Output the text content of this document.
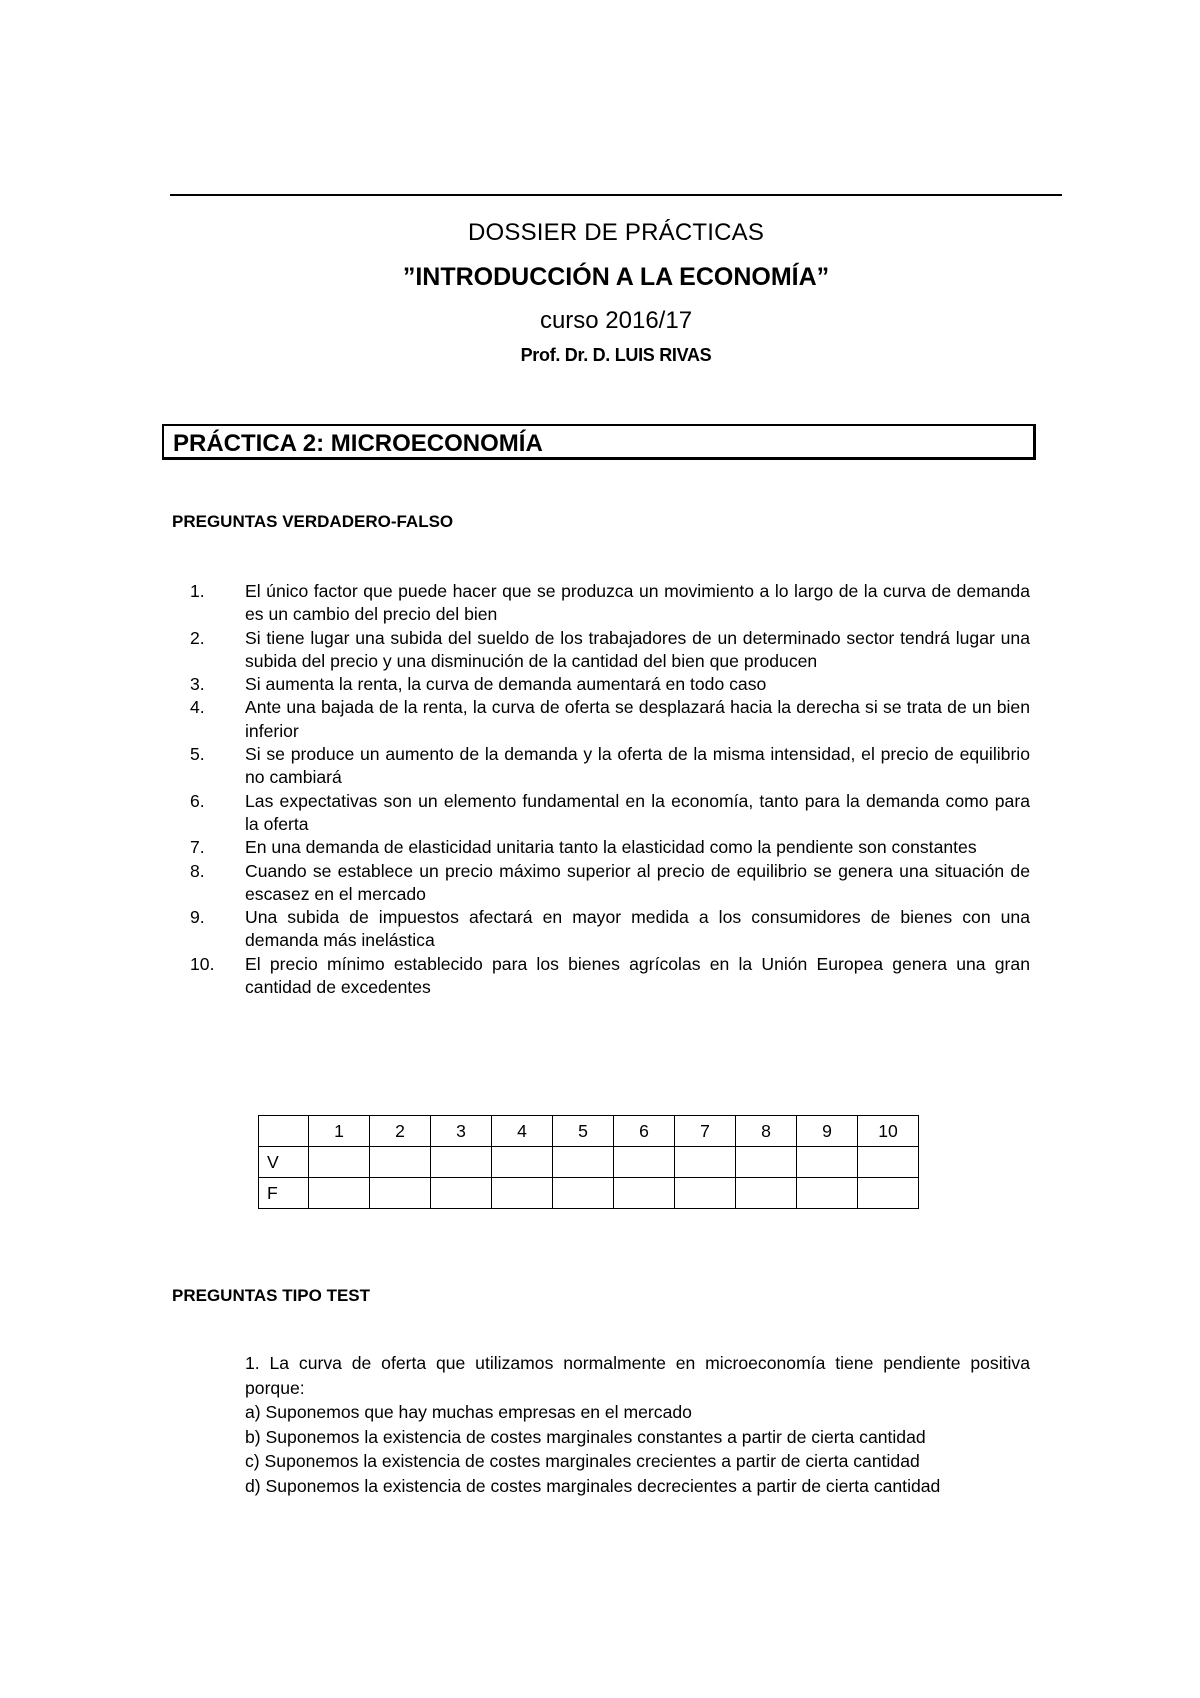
DOSSIER DE PRÁCTICAS
”INTRODUCCIÓN A LA ECONOMÍA”
curso 2016/17
Prof. Dr. D. LUIS RIVAS
PRÁCTICA 2: MICROECONOMÍA
PREGUNTAS VERDADERO-FALSO
1.	El único factor que puede hacer que se produzca un movimiento a lo largo de la curva de demanda es un cambio del precio del bien
2.	Si tiene lugar una subida del sueldo de los trabajadores de un determinado sector tendrá lugar una subida del precio y una disminución de la cantidad del bien que producen
3.	Si aumenta la renta, la curva de demanda aumentará en todo caso
4.	Ante una bajada de la renta, la curva de oferta se desplazará hacia la derecha si se trata de un bien inferior
5.	Si se produce un aumento de la demanda y la oferta de la misma intensidad, el precio de equilibrio no cambiará
6.	Las expectativas son un elemento fundamental en la economía, tanto para la demanda como para la oferta
7.	En una demanda de elasticidad unitaria tanto la elasticidad como la pendiente son constantes
8.	Cuando se establece un precio máximo superior al precio de equilibrio se genera una situación de escasez en el mercado
9.	Una subida de impuestos afectará en mayor medida a los consumidores de bienes con una demanda más inelástica
10.	El precio mínimo establecido para los bienes agrícolas en la Unión Europea genera una gran cantidad de excedentes
	1	2	3	4	5	6	7	8	9	10
V										
F										
PREGUNTAS TIPO TEST
1. La curva de oferta que utilizamos normalmente en microeconomía tiene pendiente positiva porque:
a) Suponemos que hay muchas empresas en el mercado
b) Suponemos la existencia de costes marginales constantes a partir de cierta cantidad
c) Suponemos la existencia de costes marginales crecientes a partir de cierta cantidad
d) Suponemos la existencia de costes marginales decrecientes a partir de cierta cantidad
